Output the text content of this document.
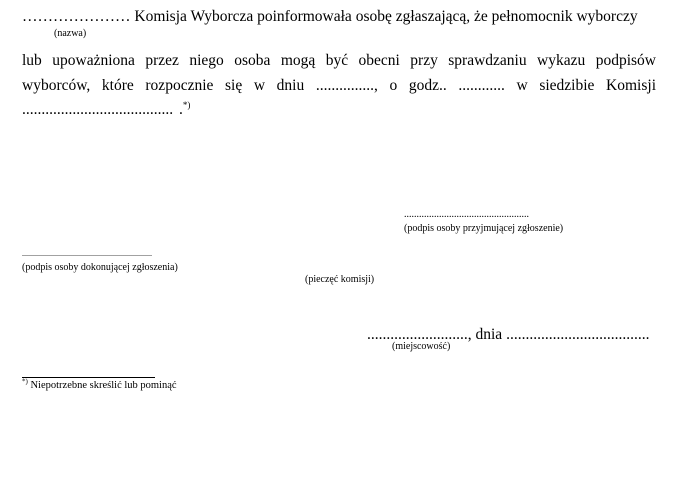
………………… Komisja Wyborcza poinformowała osobę zgłaszającą, że pełnomocnik wyborczy
(nazwa)
lub upoważniona przez niego osoba mogą być obecni przy sprawdzaniu wykazu podpisów wyborców, które rozpocznie się w dniu ..............., o godz.. ............ w siedzibie Komisji ....................................... .*)
..................................................
(podpis osoby przyjmującej zgłoszenie)
.................................................................
(podpis osoby dokonującej zgłoszenia)
(pieczęć komisji)
.........................., dnia .....................................
(miejscowość)
*) Niepotrzebne skreślić lub pominąć
